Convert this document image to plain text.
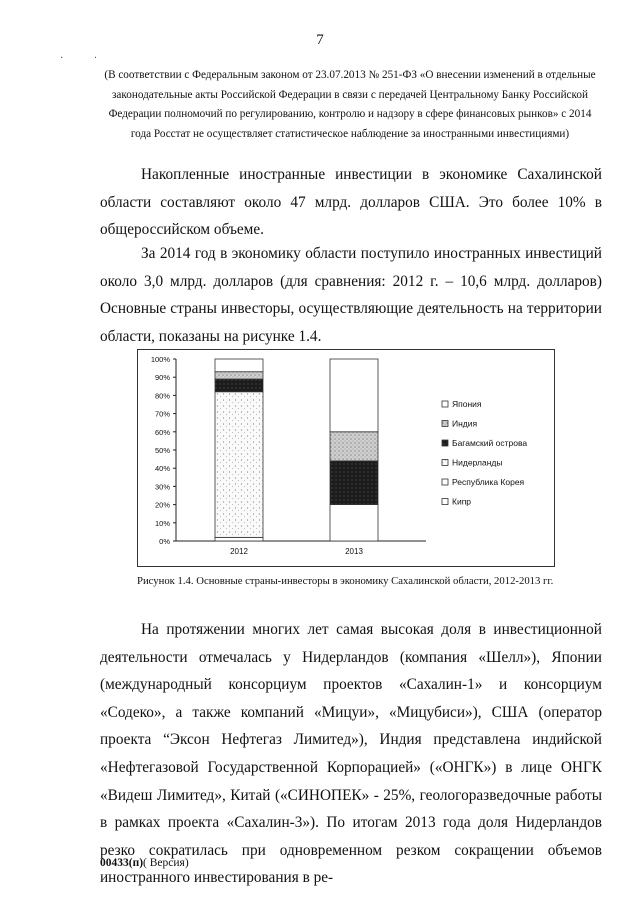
7
· ·
(В соответствии с Федеральным законом от 23.07.2013 № 251-ФЗ «О внесении изменений в отдельные законодательные акты Российской Федерации в связи с передачей Центральному Банку Российской Федерации полномочий по регулированию, контролю и надзору в сфере финансовых рынков» с 2014 года Росстат не осуществляет статистическое наблюдение за иностранными инвестициями)
Накопленные иностранные инвестиции в экономике Сахалинской области составляют около 47 млрд. долларов США. Это более 10% в общероссийском объеме.
За 2014 год в экономику области поступило иностранных инвестиций около 3,0 млрд. долларов (для сравнения: 2012 г. – 10,6 млрд. долларов) Основные страны инвесторы, осуществляющие деятельность на территории области, показаны на рисунке 1.4.
0%
10%
20%
30%
40%
50%
60%
70%
80%
90%
100%
2012	2013
Япония
Индия
Багамский острова
Нидерланды
Республика Корея
Кипр
Рисунок 1.4. Основные страны-инвесторы в экономику Сахалинской области, 2012-2013 гг.
На протяжении многих лет самая высокая доля в инвестиционной деятельности отмечалась у Нидерландов (компания «Шелл»), Японии (международный консорциум проектов «Сахалин-1» и консорциум «Содеко», а также компаний «Мицуи», «Мицубиси»), США (оператор проекта “Эксон Нефтегаз Лимитед»), Индия представлена индийской «Нефтегазовой Государственной Корпорацией» («ОНГК») в лице ОНГК «Видеш Лимитед», Китай («СИНОПЕК» - 25%, геологоразведочные работы в рамках проекта «Сахалин-3»). По итогам 2013 года доля Нидерландов резко сократилась при одновременном резком сокращении объемов иностранного инвестирования в ре-
00433(п)( Версия)
